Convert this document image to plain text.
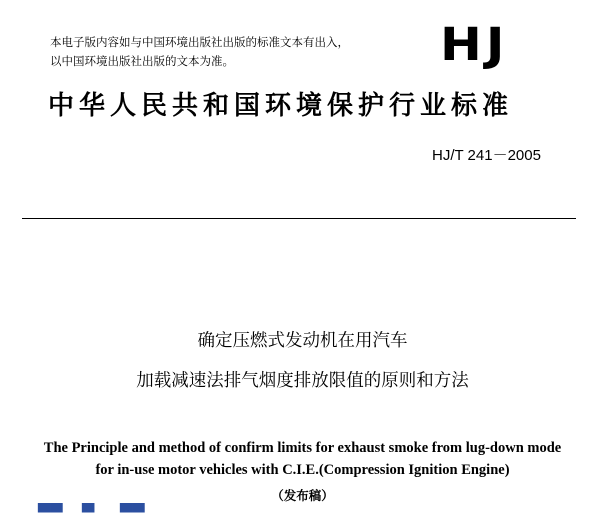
本电子版内容如与中国环境出版社出版的标准文本有出入，
以中国环境出版社出版的文本为准。	HJ
中华人民共和国环境保护行业标准
HJ/T 241－2005
确定压燃式发动机在用汽车
加载减速法排气烟度排放限值的原则和方法
The Principle and method of confirm limits for exhaust smoke from lug-down mode
for in-use motor vehicles with C.I.E.(Compression Ignition Engine)
（发布稿）
▀▀ ▀ ▀▀
